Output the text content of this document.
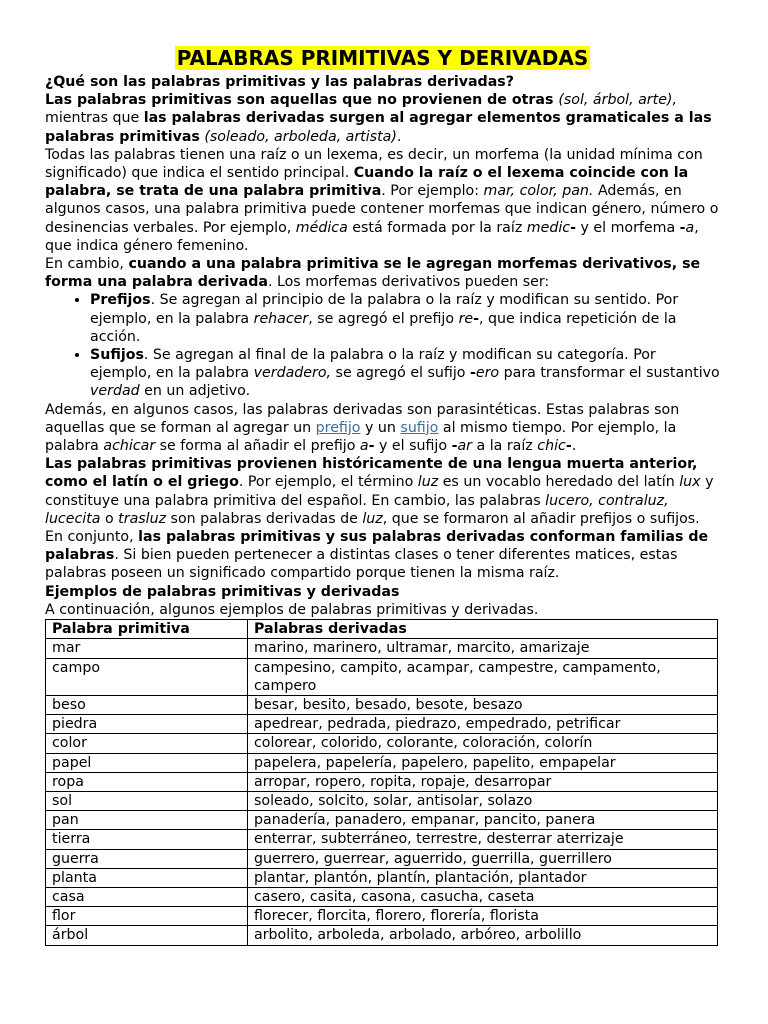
PALABRAS PRIMITIVAS Y DERIVADAS

¿Qué son las palabras primitivas y las palabras derivadas?

Las palabras primitivas son aquellas que no provienen de otras (sol, árbol, arte), mientras que las palabras derivadas surgen al agregar elementos gramaticales a las palabras primitivas (soleado, arboleda, artista).

Todas las palabras tienen una raíz o un lexema, es decir, un morfema (la unidad mínima con significado) que indica el sentido principal. Cuando la raíz o el lexema coincide con la palabra, se trata de una palabra primitiva. Por ejemplo: mar, color, pan. Además, en algunos casos, una palabra primitiva puede contener morfemas que indican género, número o desinencias verbales. Por ejemplo, médica está formada por la raíz medic- y el morfema -a, que indica género femenino.

En cambio, cuando a una palabra primitiva se le agregan morfemas derivativos, se forma una palabra derivada. Los morfemas derivativos pueden ser:

• Prefijos. Se agregan al principio de la palabra o la raíz y modifican su sentido. Por ejemplo, en la palabra rehacer, se agregó el prefijo re-, que indica repetición de la acción.
• Sufijos. Se agregan al final de la palabra o la raíz y modifican su categoría. Por ejemplo, en la palabra verdadero, se agregó el sufijo -ero para transformar el sustantivo verdad en un adjetivo.

Además, en algunos casos, las palabras derivadas son parasintéticas. Estas palabras son aquellas que se forman al agregar un prefijo y un sufijo al mismo tiempo. Por ejemplo, la palabra achicar se forma al añadir el prefijo a- y el sufijo -ar a la raíz chic-.

Las palabras primitivas provienen históricamente de una lengua muerta anterior, como el latín o el griego. Por ejemplo, el término luz es un vocablo heredado del latín lux y constituye una palabra primitiva del español. En cambio, las palabras lucero, contraluz, lucecita o trasluz son palabras derivadas de luz, que se formaron al añadir prefijos o sufijos.

En conjunto, las palabras primitivas y sus palabras derivadas conforman familias de palabras. Si bien pueden pertenecer a distintas clases o tener diferentes matices, estas palabras poseen un significado compartido porque tienen la misma raíz.

Ejemplos de palabras primitivas y derivadas

A continuación, algunos ejemplos de palabras primitivas y derivadas.

Palabra primitiva	Palabras derivadas
mar	marino, marinero, ultramar, marcito, amarizaje
campo	campesino, campito, acampar, campestre, campamento, campero
beso	besar, besito, besado, besote, besazo
piedra	apedrear, pedrada, piedrazo, empedrado, petrificar
color	colorear, colorido, colorante, coloración, colorín
papel	papelera, papelería, papelero, papelito, empapelar
ropa	arropar, ropero, ropita, ropaje, desarropar
sol	soleado, solcito, solar, antisolar, solazo
pan	panadería, panadero, empanar, pancito, panera
tierra	enterrar, subterráneo, terrestre, desterrar aterrizaje
guerra	guerrero, guerrear, aguerrido, guerrilla, guerrillero
planta	plantar, plantón, plantín, plantación, plantador
casa	casero, casita, casona, casucha, caseta
flor	florecer, florcita, florero, florería, florista
árbol	arbolito, arboleda, arbolado, arbóreo, arbolillo
